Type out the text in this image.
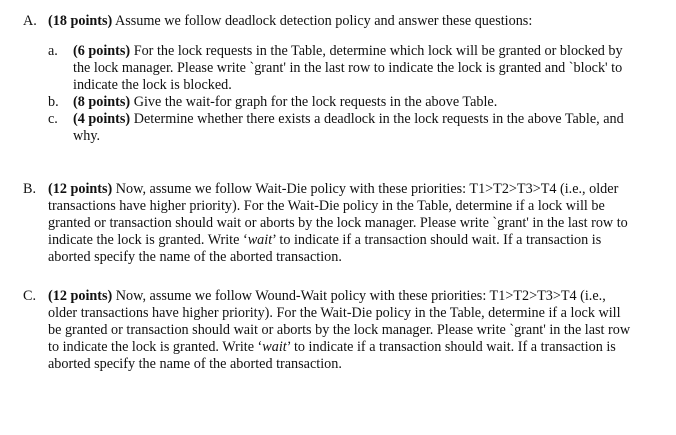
A. (18 points) Assume we follow deadlock detection policy and answer these questions:
a. (6 points) For the lock requests in the Table, determine which lock will be granted or blocked by the lock manager. Please write `grant' in the last row to indicate the lock is granted and `block' to indicate the lock is blocked.
b. (8 points) Give the wait-for graph for the lock requests in the above Table.
c. (4 points) Determine whether there exists a deadlock in the lock requests in the above Table, and why.
B. (12 points) Now, assume we follow Wait-Die policy with these priorities: T1>T2>T3>T4 (i.e., older transactions have higher priority). For the Wait-Die policy in the Table, determine if a lock will be granted or transaction should wait or aborts by the lock manager. Please write `grant' in the last row to indicate the lock is granted. Write ‘wait’ to indicate if a transaction should wait. If a transaction is aborted specify the name of the aborted transaction.
C. (12 points) Now, assume we follow Wound-Wait policy with these priorities: T1>T2>T3>T4 (i.e., older transactions have higher priority). For the Wait-Die policy in the Table, determine if a lock will be granted or transaction should wait or aborts by the lock manager. Please write `grant' in the last row to indicate the lock is granted. Write ‘wait’ to indicate if a transaction should wait. If a transaction is aborted specify the name of the aborted transaction.
